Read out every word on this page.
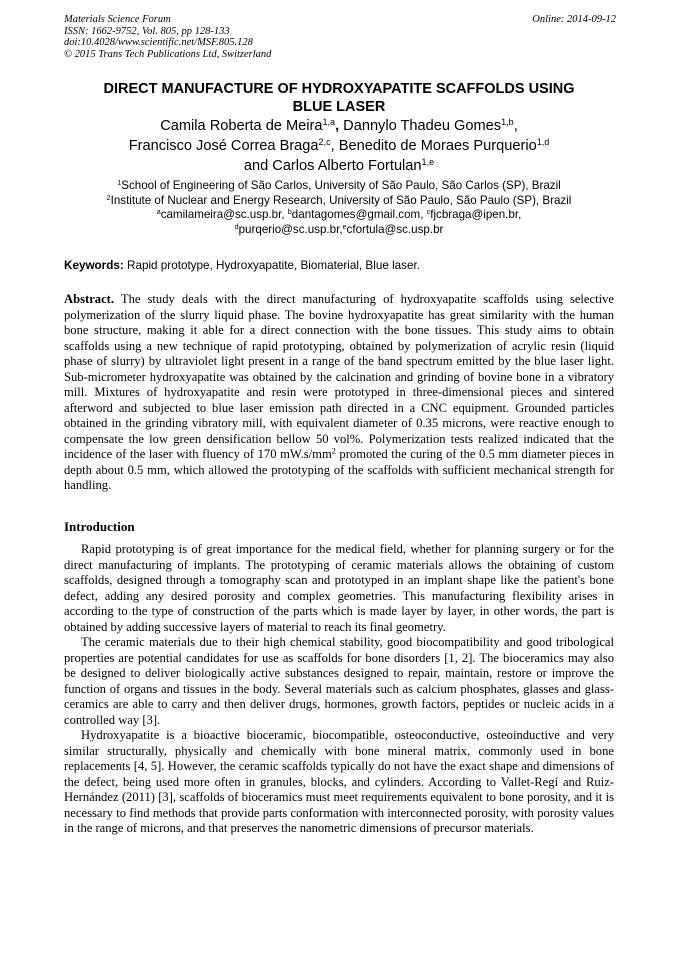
Materials Science Forum
ISSN: 1662-9752, Vol. 805, pp 128-133
doi:10.4028/www.scientific.net/MSF.805.128
© 2015 Trans Tech Publications Ltd, Switzerland
Online: 2014-09-12
DIRECT MANUFACTURE OF HYDROXYAPATITE SCAFFOLDS USING
BLUE LASER
Camila Roberta de Meira$^{1,a}$, Dannylo Thadeu Gomes$^{1,b}$,
Francisco José Correa Braga$^{2,c}$, Benedito de Moraes Purquerio$^{1,d}$
and Carlos Alberto Fortulan$^{1,e}$
$^1$School of Engineering of São Carlos, University of São Paulo, São Carlos (SP), Brazil
$^2$Institute of Nuclear and Energy Research, University of São Paulo, São Paulo (SP), Brazil
$^a$camilameira@sc.usp.br, $^b$dantagomes@gmail.com, $^c$fjcbraga@ipen.br,
$^d$purqerio@sc.usp.br,$^e$cfortula@sc.usp.br
Keywords: Rapid prototype, Hydroxyapatite, Biomaterial, Blue laser.

Abstract. The study deals with the direct manufacturing of hydroxyapatite scaffolds using selective polymerization of the slurry liquid phase. The bovine hydroxyapatite has great similarity with the human bone structure, making it able for a direct connection with the bone tissues. This study aims to obtain scaffolds using a new technique of rapid prototyping, obtained by polymerization of acrylic resin (liquid phase of slurry) by ultraviolet light present in a range of the band spectrum emitted by the blue laser light. Sub-micrometer hydroxyapatite was obtained by the calcination and grinding of bovine bone in a vibratory mill. Mixtures of hydroxyapatite and resin were prototyped in three-dimensional pieces and sintered afterword and subjected to blue laser emission path directed in a CNC equipment. Grounded particles obtained in the grinding vibratory mill, with equivalent diameter of 0.35 microns, were reactive enough to compensate the low green densification bellow 50 vol%. Polymerization tests realized indicated that the incidence of the laser with fluency of 170 $mW.s/mm^2$ promoted the curing of the 0.5 mm diameter pieces in depth about 0.5 mm, which allowed the prototyping of the scaffolds with sufficient mechanical strength for handling.

Introduction

Rapid prototyping is of great importance for the medical field, whether for planning surgery or for the direct manufacturing of implants. The prototyping of ceramic materials allows the obtaining of custom scaffolds, designed through a tomography scan and prototyped in an implant shape like the patient's bone defect, adding any desired porosity and complex geometries. This manufacturing flexibility arises in according to the type of construction of the parts which is made layer by layer, in other words, the part is obtained by adding successive layers of material to reach its final geometry.

The ceramic materials due to their high chemical stability, good biocompatibility and good tribological properties are potential candidates for use as scaffolds for bone disorders [1, 2]. The bioceramics may also be designed to deliver biologically active substances designed to repair, maintain, restore or improve the function of organs and tissues in the body. Several materials such as calcium phosphates, glasses and glass-ceramics are able to carry and then deliver drugs, hormones, growth factors, peptides or nucleic acids in a controlled way [3].

Hydroxyapatite is a bioactive bioceramic, biocompatible, osteoconductive, osteoinductive and very similar structurally, physically and chemically with bone mineral matrix, commonly used in bone replacements [4, 5]. However, the ceramic scaffolds typically do not have the exact shape and dimensions of the defect, being used more often in granules, blocks, and cylinders. According to Vallet-Regí and Ruiz-Hernández (2011) [3], scaffolds of bioceramics must meet requirements equivalent to bone porosity, and it is necessary to find methods that provide parts conformation with interconnected porosity, with porosity values in the range of microns, and that preserves the nanometric dimensions of precursor materials.
